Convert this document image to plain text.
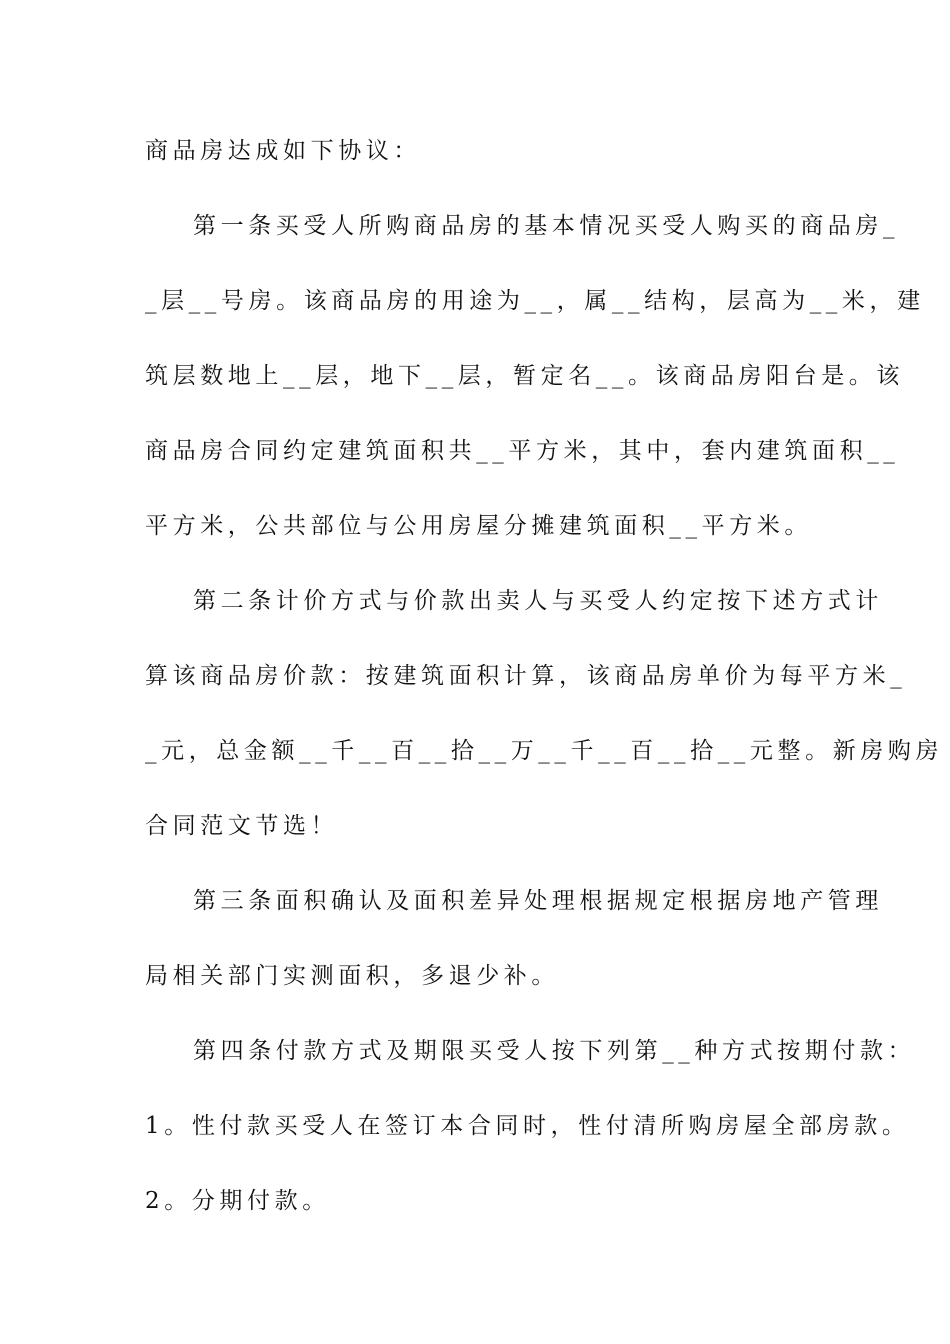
商品房达成如下协议：
第一条买受人所购商品房的基本情况买受人购买的商品房_
_层__号房。该商品房的用途为__，属__结构，层高为__米，建
筑层数地上__层，地下__层，暂定名__。该商品房阳台是。该
商品房合同约定建筑面积共__平方米，其中，套内建筑面积__
平方米，公共部位与公用房屋分摊建筑面积__平方米。
第二条计价方式与价款出卖人与买受人约定按下述方式计
算该商品房价款：按建筑面积计算，该商品房单价为每平方米_
_元，总金额__千__百__拾__万__千__百__拾__元整。新房购房
合同范文节选！
第三条面积确认及面积差异处理根据规定根据房地产管理
局相关部门实测面积，多退少补。
第四条付款方式及期限买受人按下列第__种方式按期付款：
1。性付款买受人在签订本合同时，性付清所购房屋全部房款。
2。分期付款。
